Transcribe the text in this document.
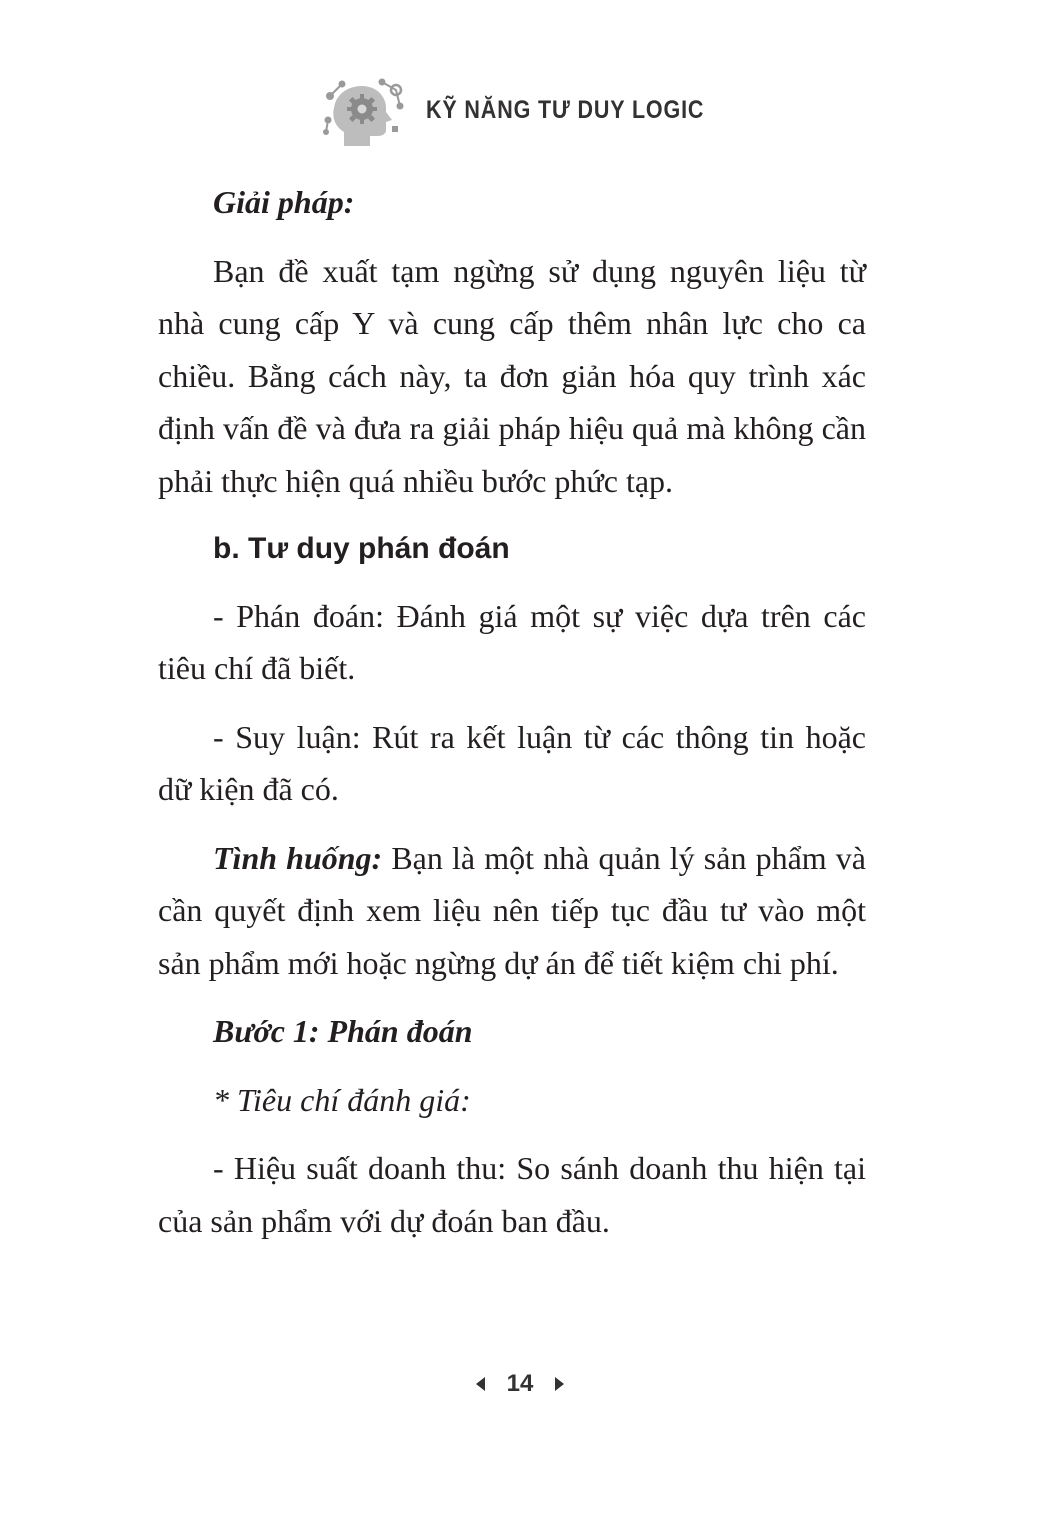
KỸ NĂNG TƯ DUY LOGIC

Giải pháp:

Bạn đề xuất tạm ngừng sử dụng nguyên liệu từ nhà cung cấp Y và cung cấp thêm nhân lực cho ca chiều. Bằng cách này, ta đơn giản hóa quy trình xác định vấn đề và đưa ra giải pháp hiệu quả mà không cần phải thực hiện quá nhiều bước phức tạp.

b. Tư duy phán đoán

- Phán đoán: Đánh giá một sự việc dựa trên các tiêu chí đã biết.

- Suy luận: Rút ra kết luận từ các thông tin hoặc dữ kiện đã có.

Tình huống: Bạn là một nhà quản lý sản phẩm và cần quyết định xem liệu nên tiếp tục đầu tư vào một sản phẩm mới hoặc ngừng dự án để tiết kiệm chi phí.

Bước 1: Phán đoán

* Tiêu chí đánh giá:

- Hiệu suất doanh thu: So sánh doanh thu hiện tại của sản phẩm với dự đoán ban đầu.

14
